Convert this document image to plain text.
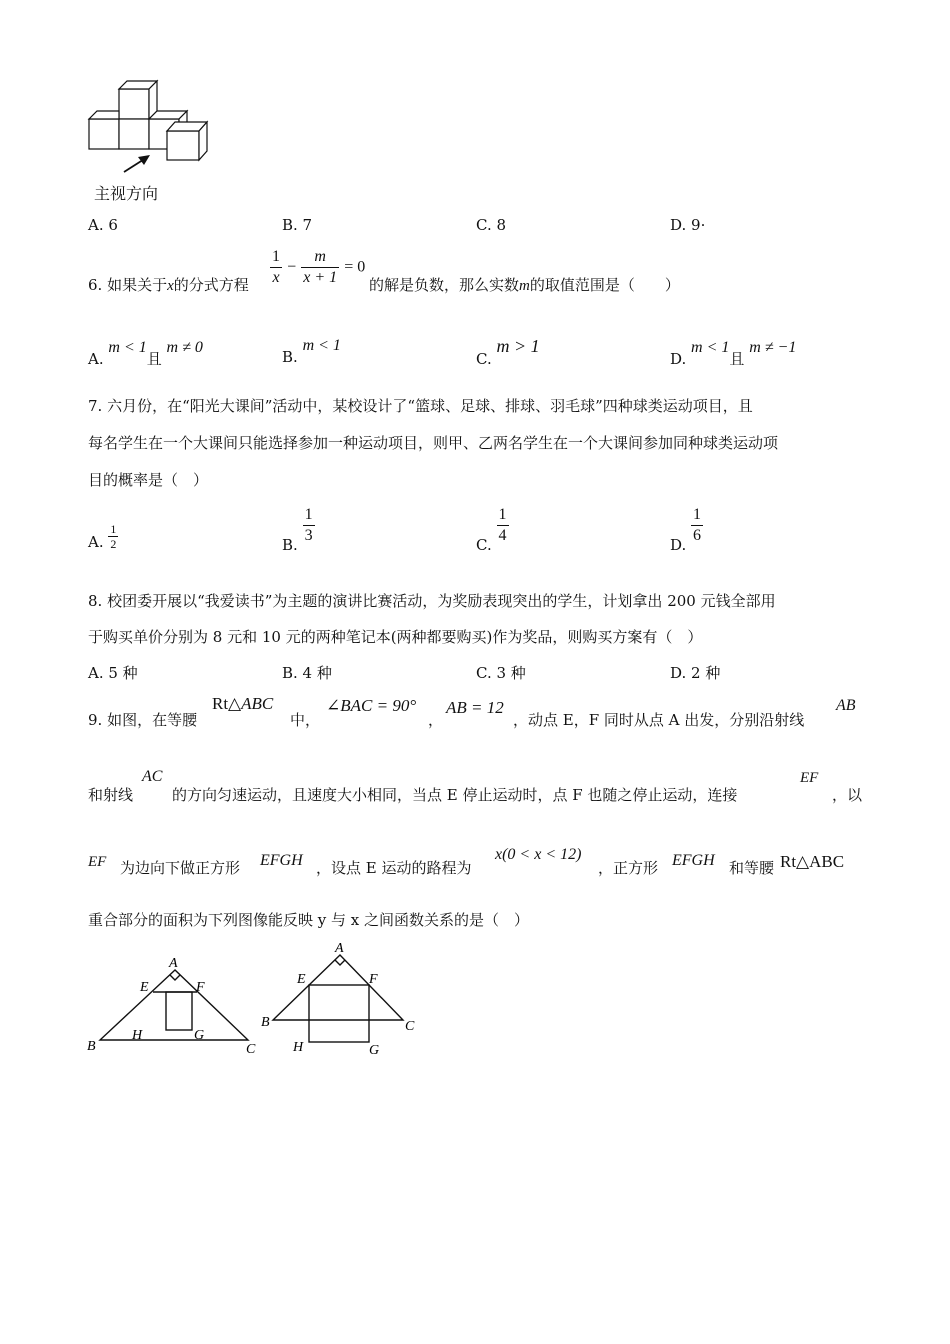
主视方向
A. 6	B. 7	C. 8	D. 9·
6. 如果关于x的分式方程 $\frac{1}{x} - \frac{m}{x + 1} = 0$
的解是负数，那么实数m的取值范围是（　　）
A. m < 1且 m ≠ 0
B. m < 1
C. m > 1
D. m < 1且 m ≠ −1
7. 六月份，在“阳光大课间”活动中，某校设计了“篮球、足球、排球、羽毛球”四种球类运动项目，且
每名学生在一个大课间只能选择参加一种运动项目，则甲、乙两名学生在一个大课间参加同种球类运动项
目的概率是（　）
A. $\frac{1}{2}$	B. $\frac{1}{3}$	C. $\frac{1}{4}$	D. $\frac{1}{6}$
8. 校团委开展以“我爱读书”为主题的演讲比赛活动，为奖励表现突出的学生，计划拿出 200 元钱全部用
于购买单价分别为 8 元和 10 元的两种笔记本(两种都要购买)作为奖品，则购买方案有（　）
A. 5 种	B. 4 种	C. 3 种	D. 2 种
9. 如图，在等腰
Rt△ABC
中，
∠BAC = 90°
，
AB = 12
，动点 E，F 同时从点 A 出发，分别沿射线
AB
和射线
AC
的方向匀速运动，且速度大小相同，当点 E 停止运动时，点 F 也随之停止运动，连接
EF
，以
EF 为边向下做正方形 EFGH ，设点 E 运动的路程为
x(0 < x < 12)
，正方形 EFGH 和等腰 Rt△ABC
重合部分的面积为下列图像能反映 y 与 x 之间函数关系的是（　）
A
E	F
B
H	G
C
A
E	F
B	C
H	G
